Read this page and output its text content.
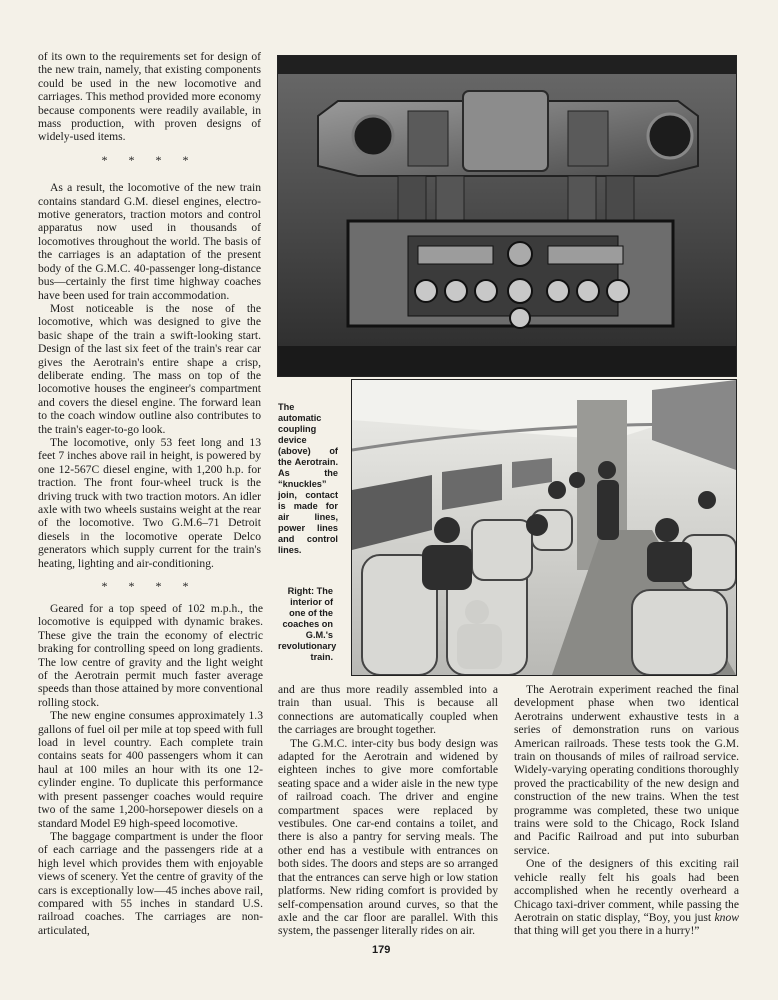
of its own to the requirements set for design of the new train, namely, that existing components could be used in the new locomotive and carriages. This method provided more economy because components were readily available, in mass production, with proven designs of widely-used items.

* * * *

As a result, the locomotive of the new train contains standard G.M. diesel engines, electro-motive generators, traction motors and control apparatus now used in thousands of locomotives throughout the world. The basis of the carriages is an adaptation of the present body of the G.M.C. 40-passenger long-distance bus—certainly the first time highway coaches have been used for train accommodation.

Most noticeable is the nose of the locomotive, which was designed to give the basic shape of the train a swift-looking start. Design of the last six feet of the train's rear car gives the Aerotrain's entire shape a crisp, deliberate ending. The mass on top of the locomotive houses the engineer's compartment and covers the diesel engine. The forward lean to the coach window outline also contributes to the train's eager-to-go look.

The locomotive, only 53 feet long and 13 feet 7 inches above rail in height, is powered by one 12-567C diesel engine, with 1,200 h.p. for traction. The front four-wheel truck is the driving truck with two traction motors. An idler axle with two wheels sustains weight at the rear of the locomotive. Two G.M.6–71 Detroit diesels in the locomotive operate Delco generators which supply current for the train's heating, lighting and air-conditioning.

* * * *

Geared for a top speed of 102 m.p.h., the locomotive is equipped with dynamic brakes. These give the train the economy of electric braking for controlling speed on long gradients. The low centre of gravity and the light weight of the Aerotrain permit much faster average speeds than those attained by more conventional rolling stock.

The new engine consumes approximately 1.3 gallons of fuel oil per mile at top speed with full load in level country. Each complete train contains seats for 400 passengers whom it can haul at 100 miles an hour with its one 12-cylinder engine. To duplicate this performance with present passenger coaches would require two of the same 1,200-horsepower diesels on a standard Model E9 high-speed locomotive.

The baggage compartment is under the floor of each carriage and the passengers ride at a high level which provides them with enjoyable views of scenery. Yet the centre of gravity of the cars is exceptionally low—45 inches above rail, compared with 55 inches in standard U.S. railroad coaches. The carriages are non-articulated,

The automatic coupling device (above) of the Aerotrain. As the “knuckles” join, contact is made for air lines, power lines and control lines.
Right: The interior of one of the coaches on G.M.'s revolutionary train.

and are thus more readily assembled into a train than usual. This is because all connections are automatically coupled when the carriages are brought together.

The G.M.C. inter-city bus body design was adapted for the Aerotrain and widened by eighteen inches to give more comfortable seating space and a wider aisle in the new type of railroad coach. The driver and engine compartment spaces were replaced by vestibules. One car-end contains a toilet, and there is also a pantry for serving meals. The other end has a vestibule with entrances on both sides. The doors and steps are so arranged that the entrances can serve high or low station platforms. New riding comfort is provided by self-compensation around curves, so that the axle and the car floor are parallel. With this system, the passenger literally rides on air.

The Aerotrain experiment reached the final development phase when two identical Aerotrains underwent exhaustive tests in a series of demonstration runs on various American railroads. These tests took the G.M. train on thousands of miles of railroad service. Widely-varying operating conditions thoroughly proved the practicability of the new design and construction of the new trains. When the test programme was completed, these two unique trains were sold to the Chicago, Rock Island and Pacific Railroad and put into suburban service.

One of the designers of this exciting rail vehicle really felt his goals had been accomplished when he recently overheard a Chicago taxi-driver comment, while passing the Aerotrain on static display, “Boy, you just know that thing will get you there in a hurry!”

179
